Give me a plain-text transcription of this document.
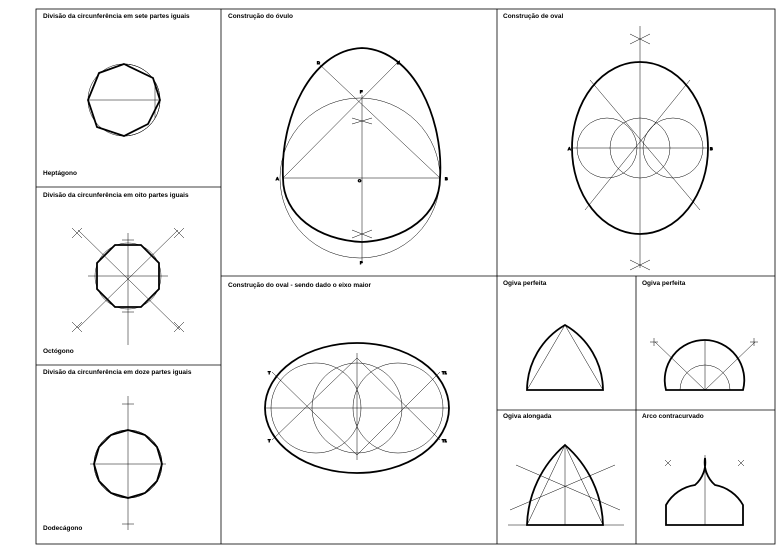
A	B
O
F
D	E
P
A	B
T	T1
T	T1
Divisão da circunferência em sete partes iguais
Heptágono
Divisão da circunferência em oito partes iguais
Octógono
Divisão da circunferência em doze partes iguais
Dodecágono
Construção do óvulo	Construção de oval
Construção do oval - sendo dado o eixo maior	Ogiva perfeita	Ogiva perfeita
Ogiva alongada	Arco contracurvado
